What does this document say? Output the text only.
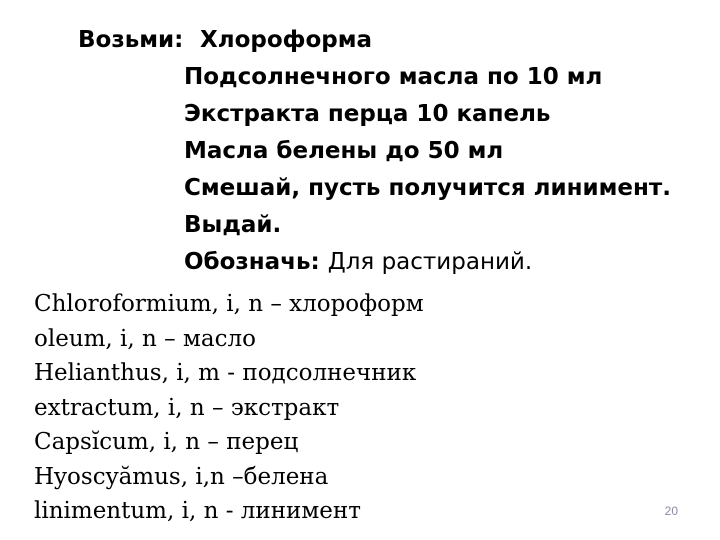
Возьми: Хлороформа
Подсолнечного масла по 10 мл
Экстракта перца 10 капель
Масла белены до 50 мл
Смешай, пусть получится линимент.
Выдай.
Обозначь: Для растираний.
Chloroformium, i, n – хлороформ
oleum, i, n – масло
Helianthus, i, m - подсолнечник
extractum, i, n – экстракт
Capsĭcum, i, n – перец
Hyoscyămus, i,n –белена
linimentum, i, n - линимент	20
